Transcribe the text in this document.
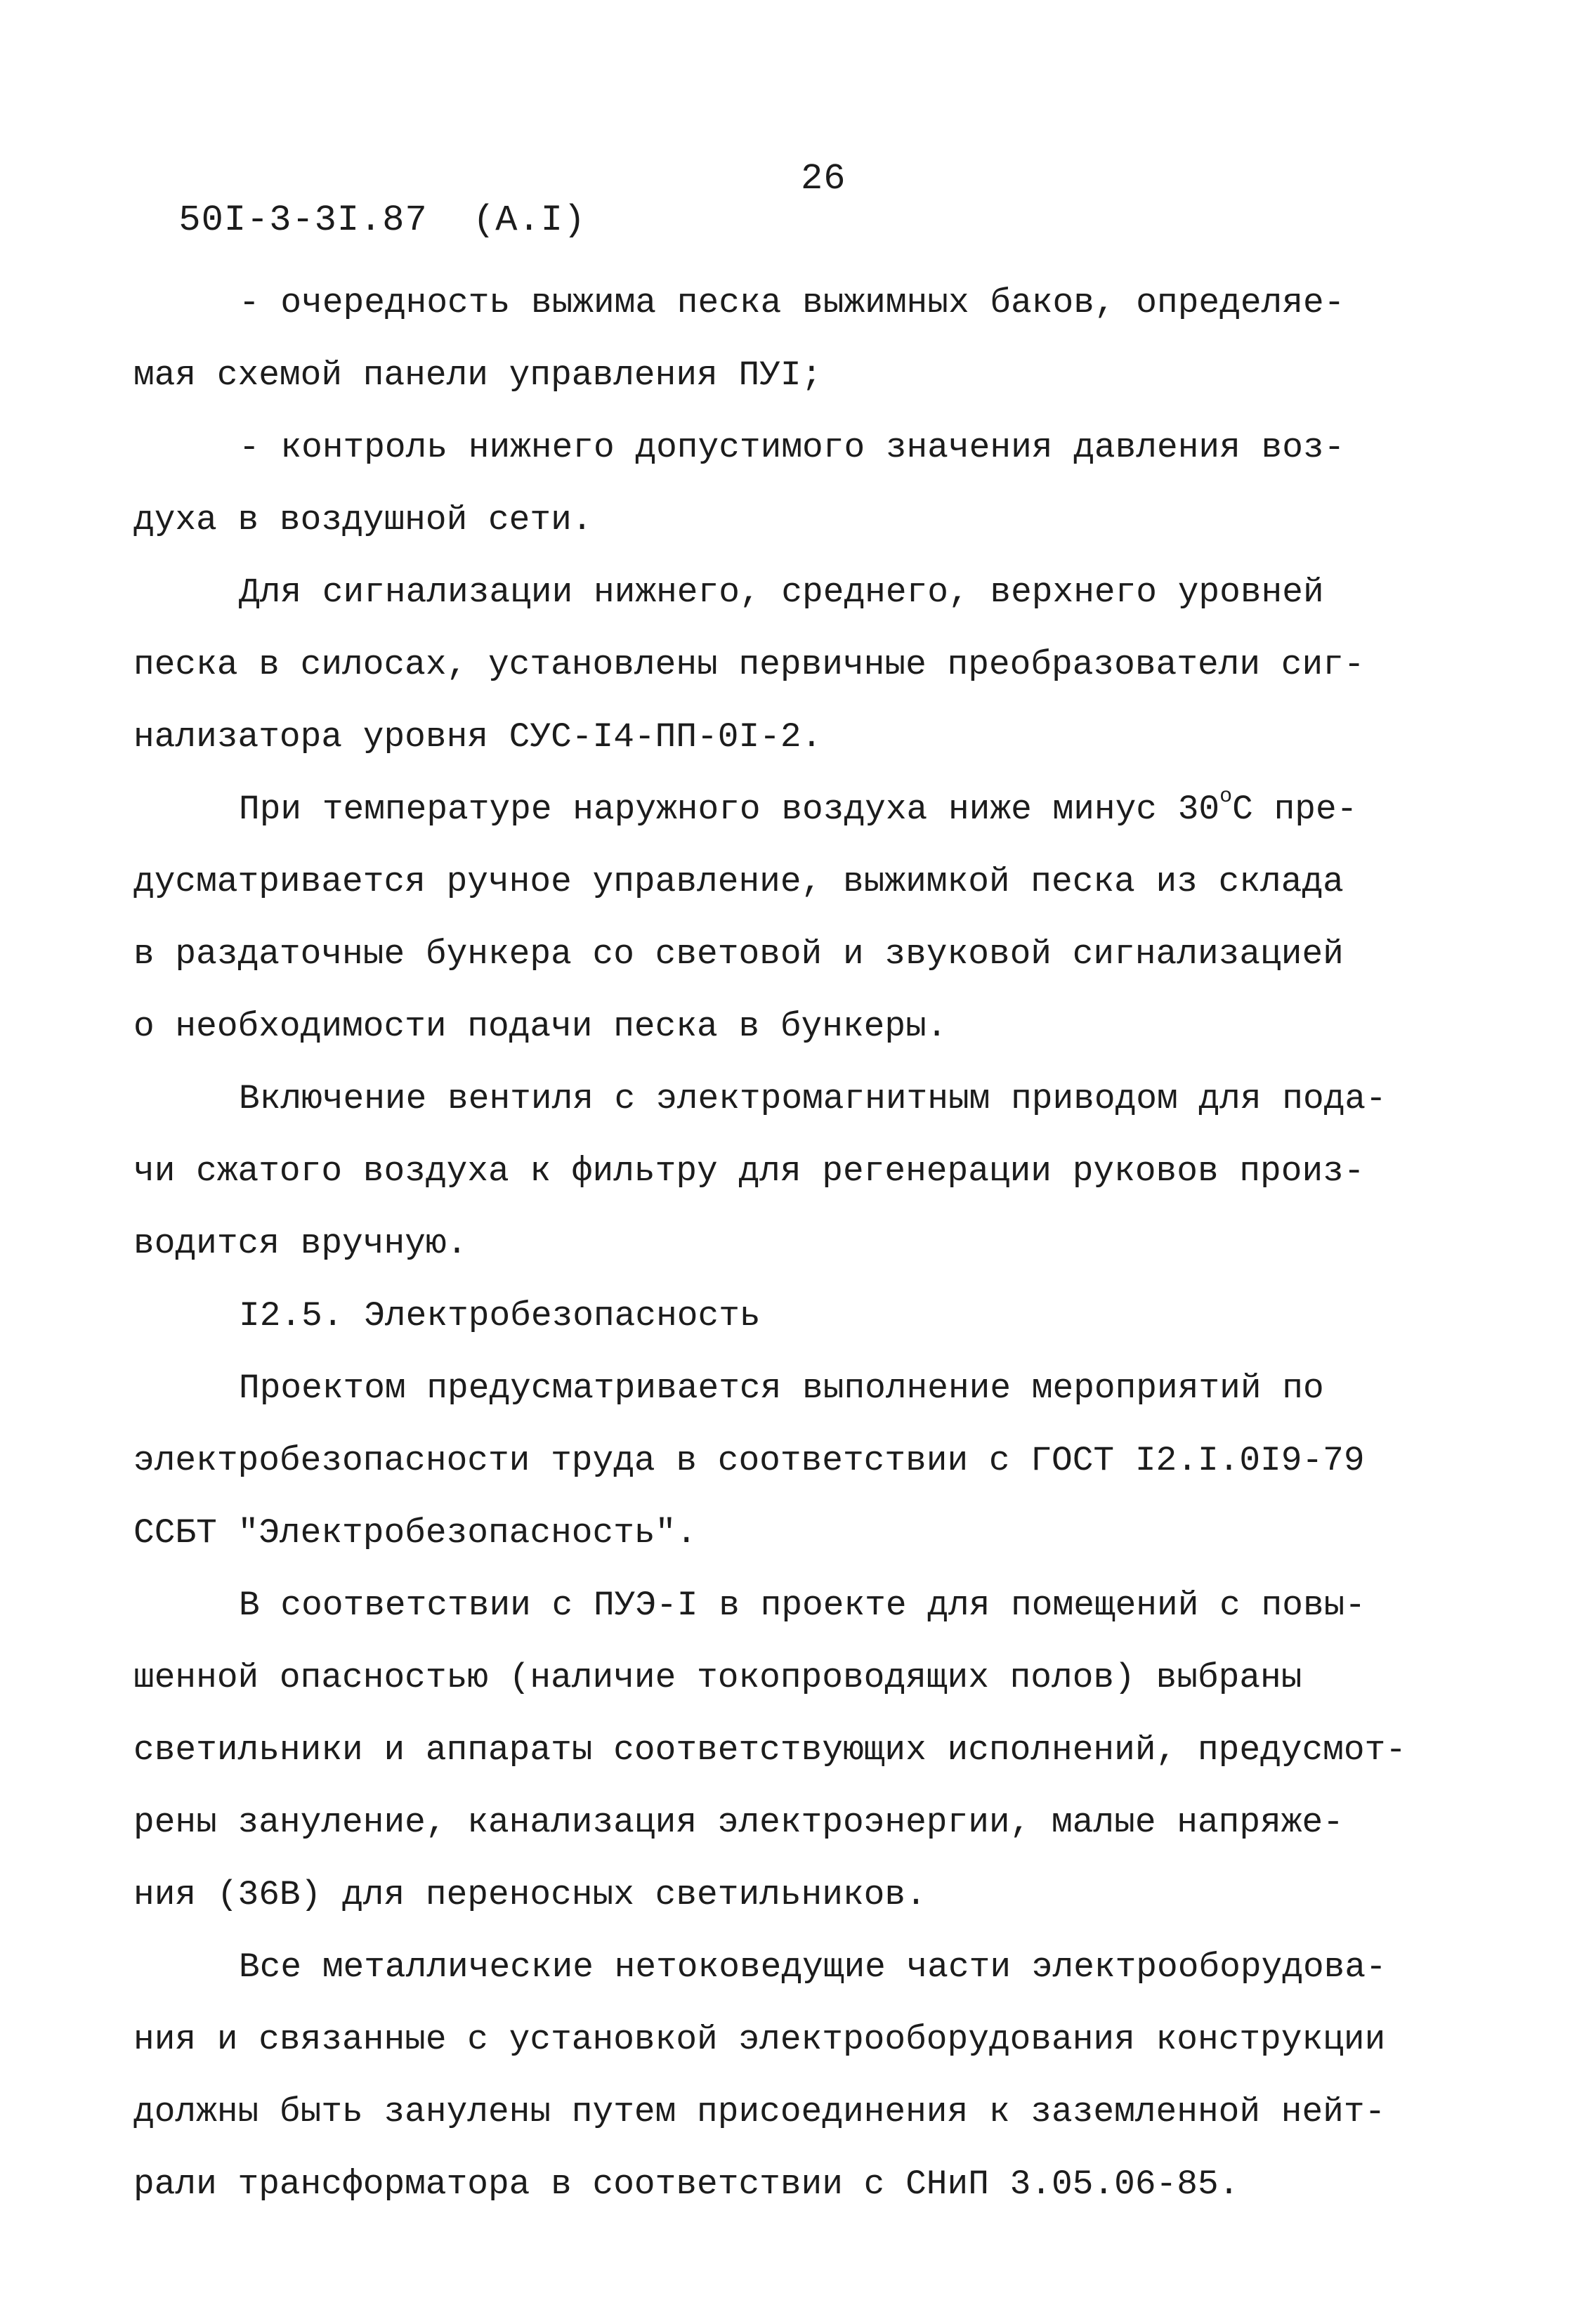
50I-3-3I.87  (А.I)

26

- очередность выжима песка выжимных баков, определяе-
мая схемой панели управления ПУI;
- контроль нижнего допустимого значения давления воз-
духа в воздушной сети.
Для сигнализации нижнего, среднего, верхнего уровней
песка в силосах, установлены первичные преобразователи сиг-
нализатора уровня СУС-I4-ПП-0I-2.
При температуре наружного воздуха ниже минус $30^оС$ пре-
дусматривается ручное управление, выжимкой песка из склада
в раздаточные бункера со световой и звуковой сигнализацией
о необходимости подачи песка в бункеры.
Включение вентиля с электромагнитным приводом для пода-
чи сжатого воздуха к фильтру для регенерации руковов произ-
водится вручную.
I2.5. Электробезопасность
Проектом предусматривается выполнение мероприятий по
электробезопасности труда в соответствии с ГОСТ I2.I.0I9-79
ССБТ "Электробезопасность".
В соответствии с ПУЭ-I в проекте для помещений с повы-
шенной опасностью (наличие токопроводящих полов) выбраны
светильники и аппараты соответствующих исполнений, предусмот-
рены зануление, канализация электроэнергии, малые напряже-
ния (36В) для переносных светильников.
Все металлические нетоковедущие части электрооборудова-
ния и связанные с установкой электрооборудования конструкции
должны быть занулены путем присоединения к заземленной нейт-
рали трансформатора в соответствии с СНиП 3.05.06-85.
